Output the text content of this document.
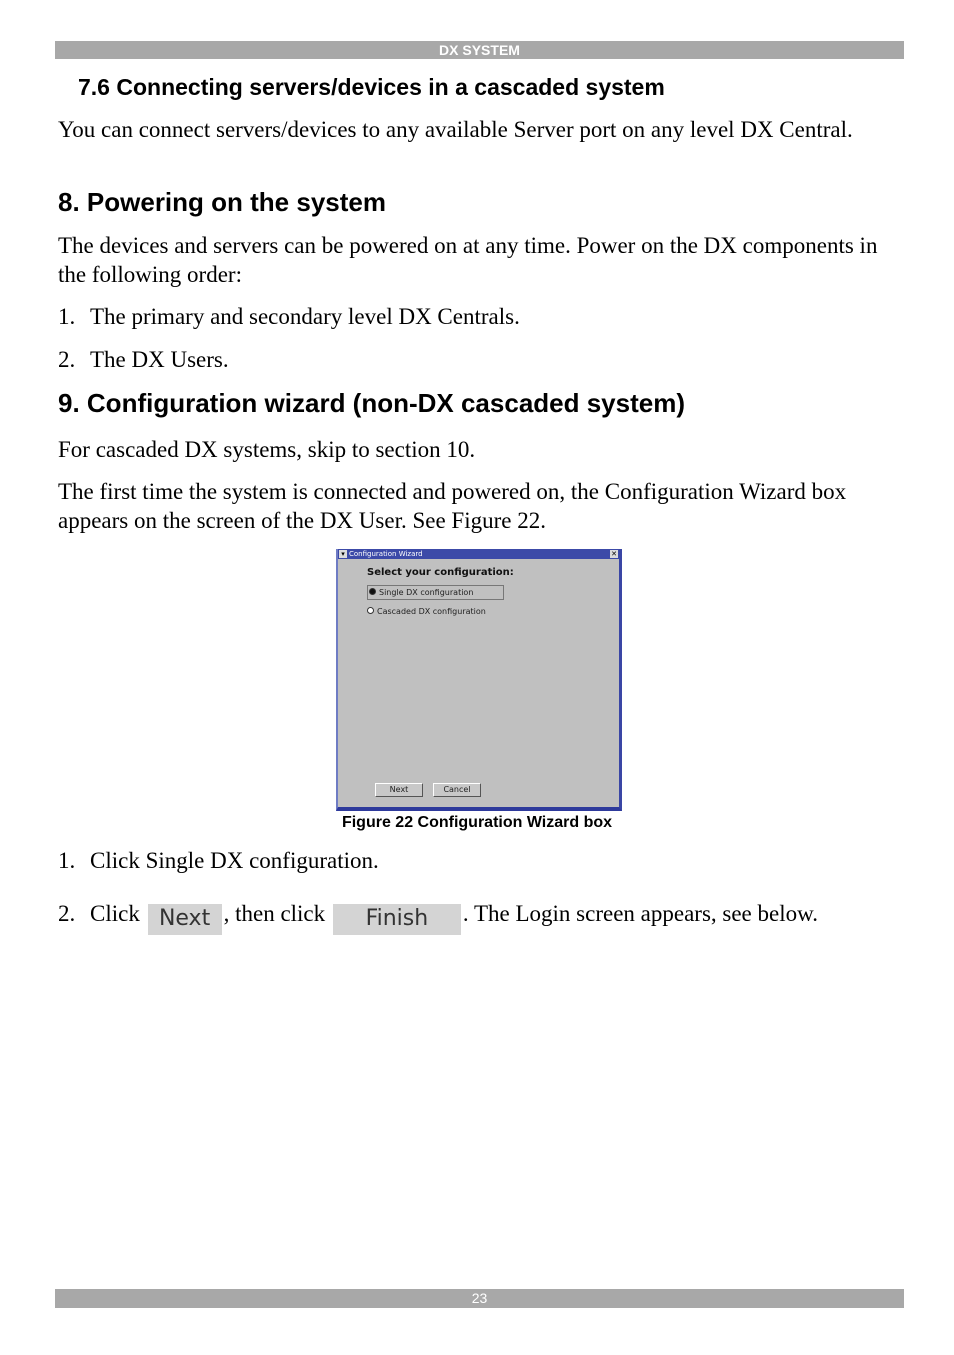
DX SYSTEM
7.6 Connecting servers/devices in a cascaded system
You can connect servers/devices to any available Server port on any level DX Central.
8. Powering on the system
The devices and servers can be powered on at any time. Power on the DX components in the following order:
1. The primary and secondary level DX Centrals.
2. The DX Users.
9. Configuration wizard (non-DX cascaded system)
For cascaded DX systems, skip to section 10.
The first time the system is connected and powered on, the Configuration Wizard box appears on the screen of the DX User. See Figure 22.
▾ Configuration Wizard	✕
Select your configuration:
Single DX configuration
Cascaded DX configuration
Next	Cancel
Figure 22 Configuration Wizard box
1. Click Single DX configuration.
2. Click Next , then click Finish . The Login screen appears, see below.
23
